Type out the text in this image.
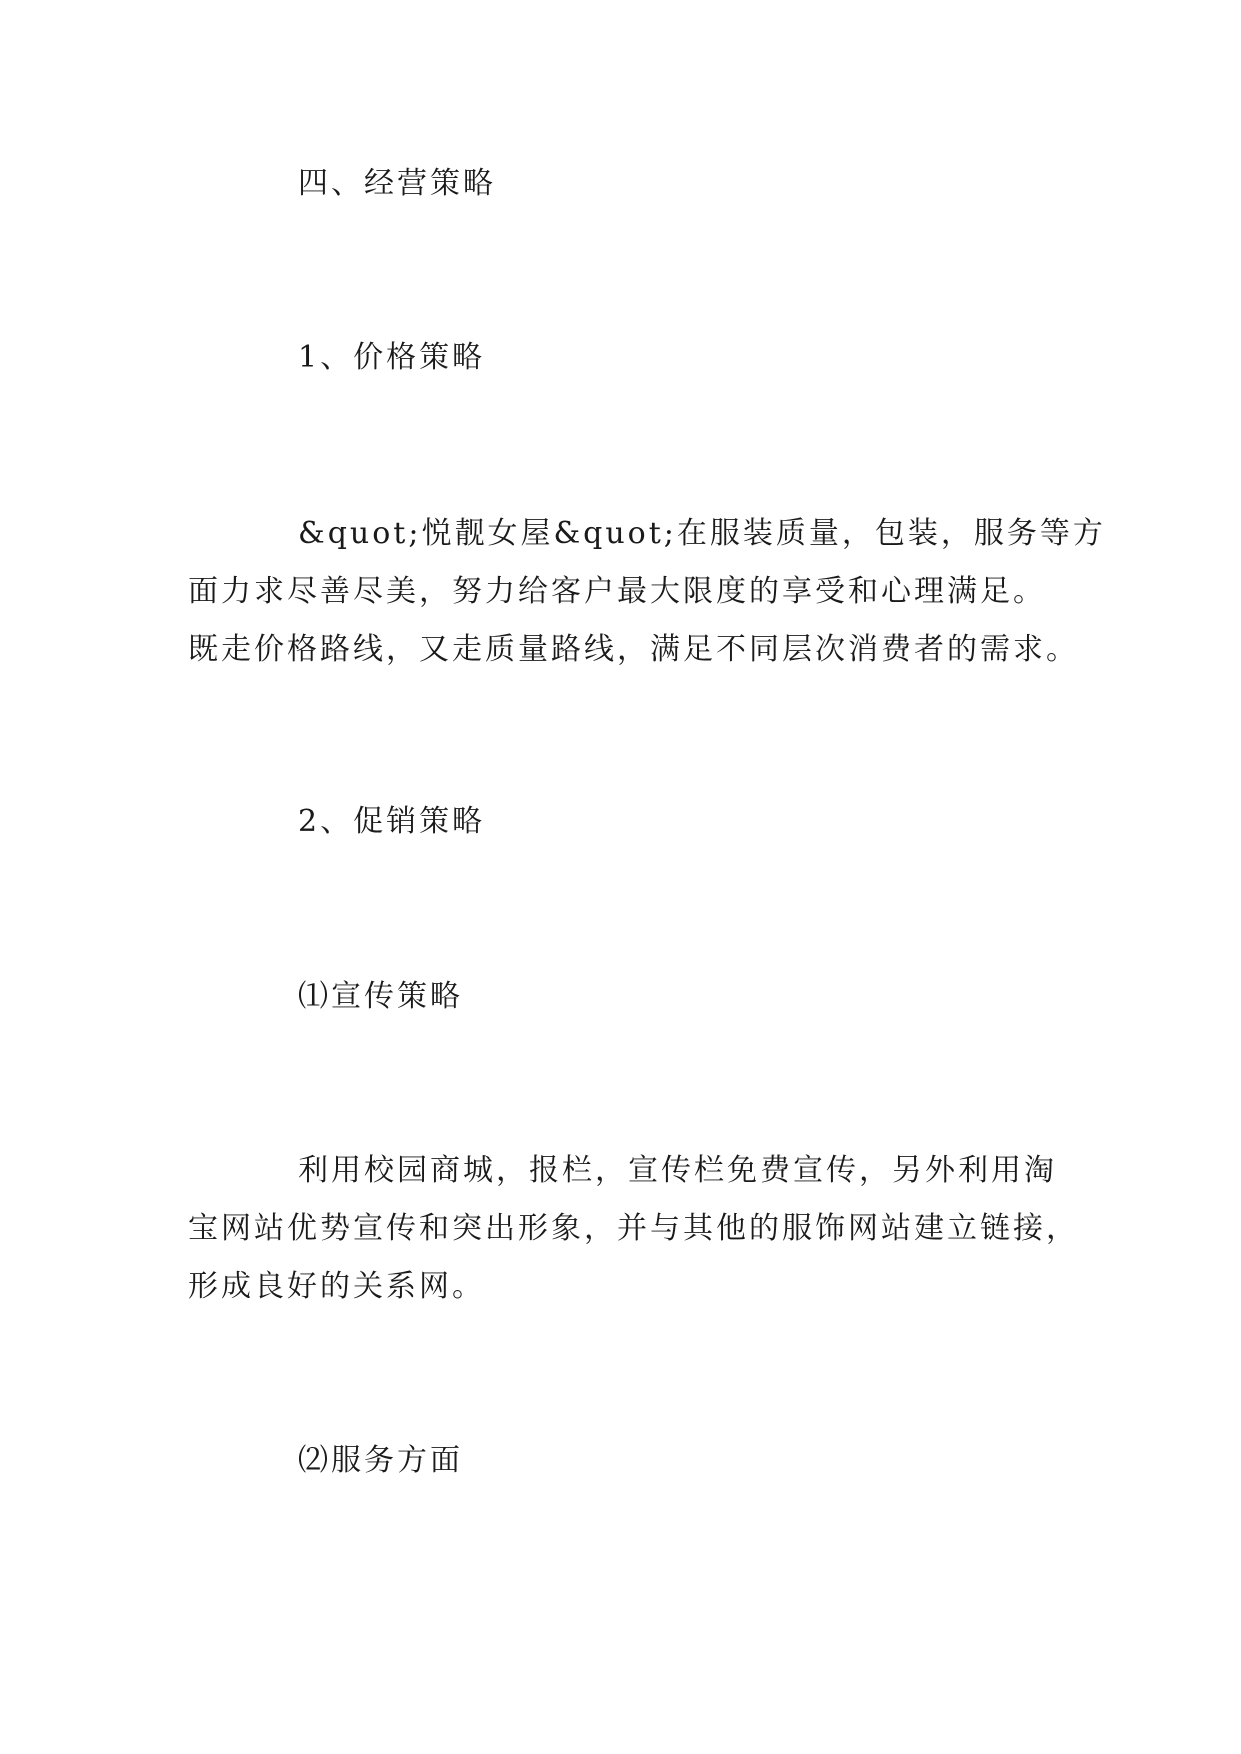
四、经营策略
1、价格策略
&quot;悦靓女屋&quot;在服装质量，包装，服务等方
面力求尽善尽美，努力给客户最大限度的享受和心理满足。
既走价格路线，又走质量路线，满足不同层次消费者的需求。
2、促销策略
⑴宣传策略
利用校园商城，报栏，宣传栏免费宣传，另外利用淘
宝网站优势宣传和突出形象，并与其他的服饰网站建立链接，
形成良好的关系网。
⑵服务方面
